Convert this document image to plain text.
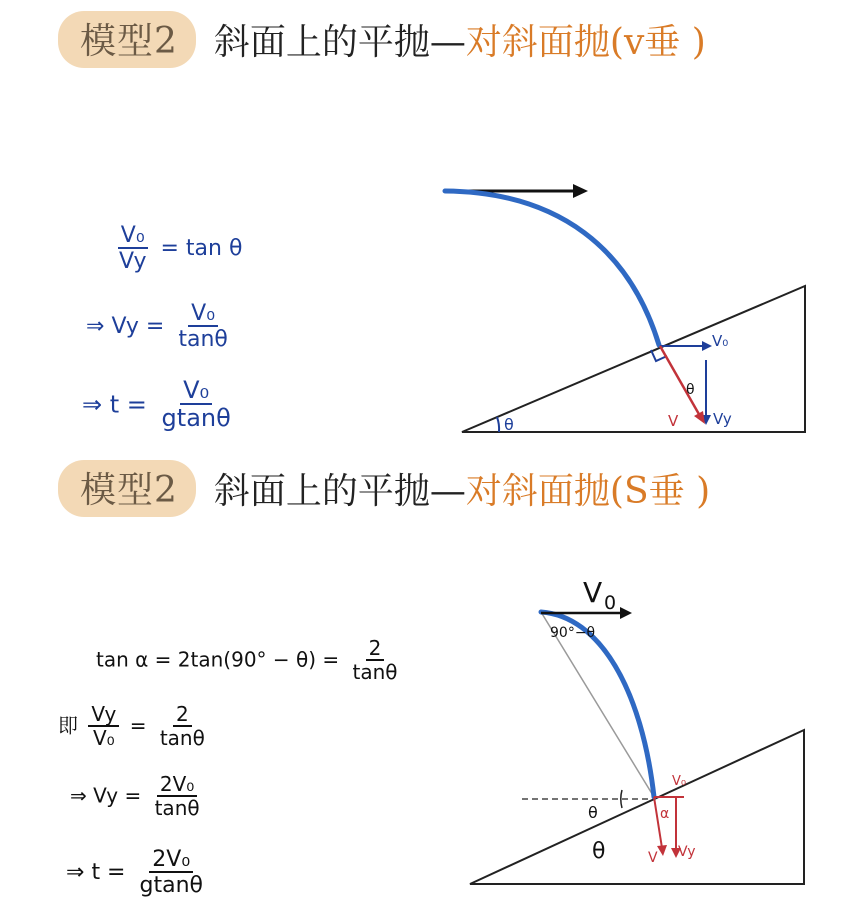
模型2	斜面上的平抛—对斜面抛(v垂 )
$\frac{\text{V₀}}{Vy} = \tan \theta$
⇒ $Vy = \frac{\text{V₀}}{\tan\theta}$
⇒ $t = \frac{\text{V₀}}{gtan\theta}$
V₀
Vy
V
θ
θ
V 0
90°−θ
θ
θ
V₀
α
V Vy
模型2	斜面上的平抛—对斜面抛(S垂 )
$\tan \alpha = 2\tan(90^\circ - \theta) = \frac{2}{\tan\theta}$
即 $\frac{Vy}{\text{V₀}} = \frac{2}{\tan\theta}$
⇒ $Vy = \frac{\text{2V₀}}{\tan\theta}$
⇒ $t = \frac{\text{2V₀}}{gtan\theta}$
